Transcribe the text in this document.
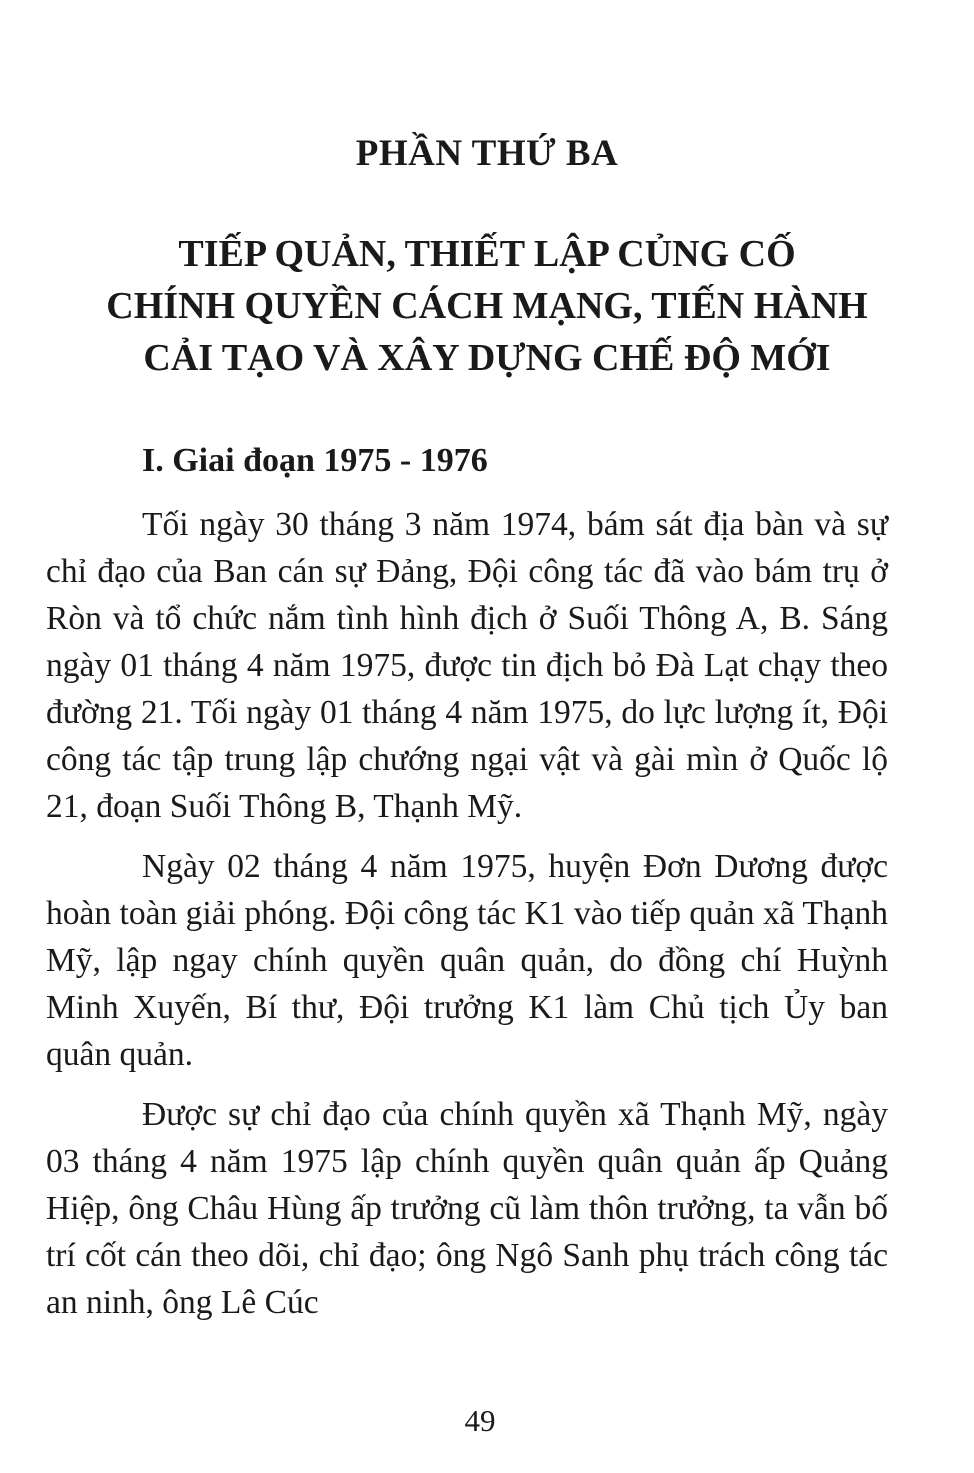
PHẦN THỨ BA
TIẾP QUẢN, THIẾT LẬP CỦNG CỐ
CHÍNH QUYỀN CÁCH MẠNG, TIẾN HÀNH
CẢI TẠO VÀ XÂY DỰNG CHẾ ĐỘ MỚI
I. Giai đoạn 1975 - 1976

Tối ngày 30 tháng 3 năm 1974, bám sát địa bàn và sự chỉ đạo của Ban cán sự Đảng, Đội công tác đã vào bám trụ ở Ròn và tổ chức nắm tình hình địch ở Suối Thông A, B. Sáng ngày 01 tháng 4 năm 1975, được tin địch bỏ Đà Lạt chạy theo đường 21. Tối ngày 01 tháng 4 năm 1975, do lực lượng ít, Đội công tác tập trung lập chướng ngại vật và gài mìn ở Quốc lộ 21, đoạn Suối Thông B, Thạnh Mỹ.

Ngày 02 tháng 4 năm 1975, huyện Đơn Dương được hoàn toàn giải phóng. Đội công tác K1 vào tiếp quản xã Thạnh Mỹ, lập ngay chính quyền quân quản, do đồng chí Huỳnh Minh Xuyến, Bí thư, Đội trưởng K1 làm Chủ tịch Ủy ban quân quản.

Được sự chỉ đạo của chính quyền xã Thạnh Mỹ, ngày 03 tháng 4 năm 1975 lập chính quyền quân quản ấp Quảng Hiệp, ông Châu Hùng ấp trưởng cũ làm thôn trưởng, ta vẫn bố trí cốt cán theo dõi, chỉ đạo; ông Ngô Sanh phụ trách công tác an ninh, ông Lê Cúc

49
